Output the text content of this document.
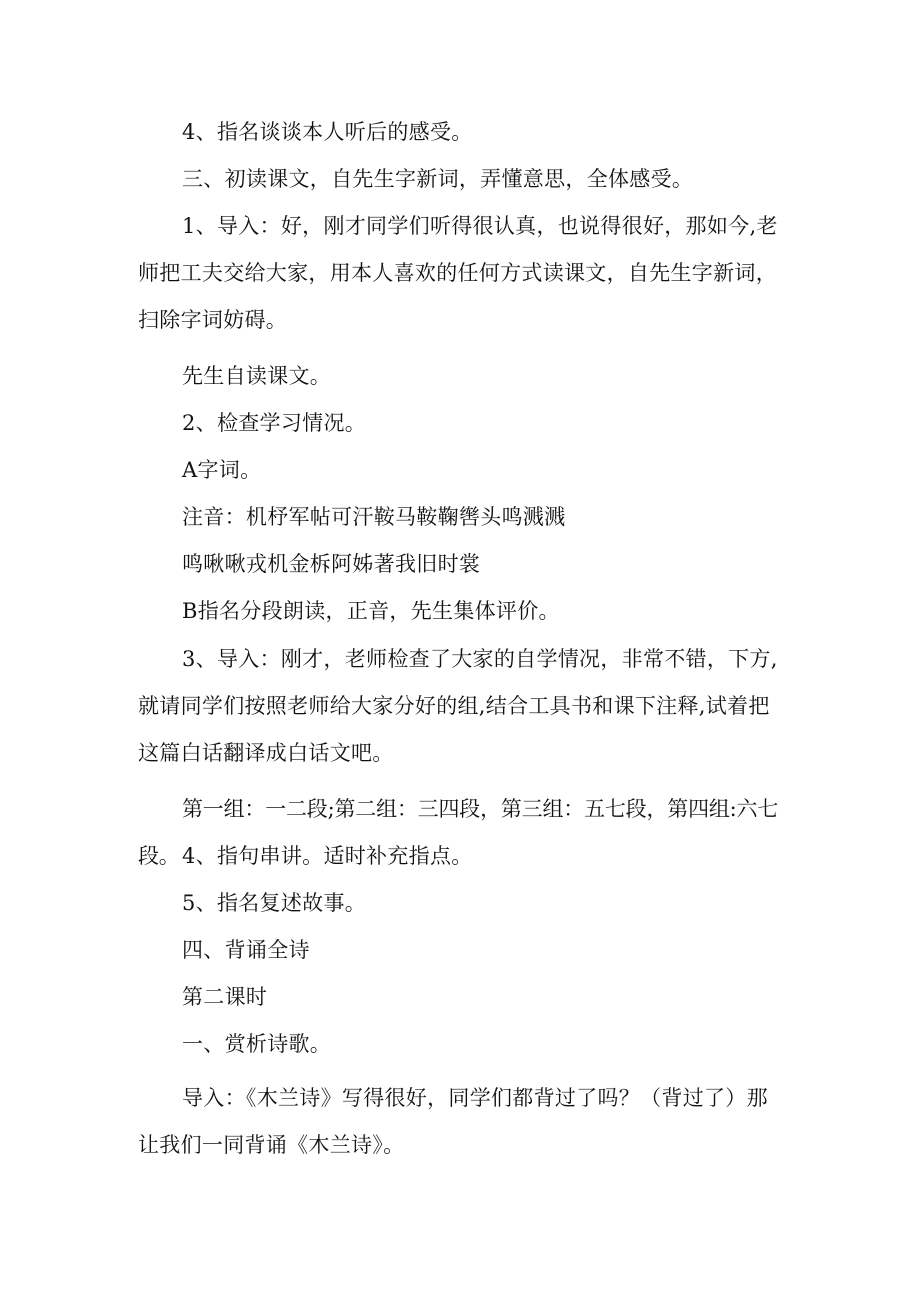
4、指名谈谈本人听后的感受。

三、初读课文，自先生字新词，弄懂意思，全体感受。

1、导入：好，刚才同学们听得很认真，也说得很好，那如今,老师把工夫交给大家，用本人喜欢的任何方式读课文，自先生字新词，扫除字词妨碍。

先生自读课文。

2、检查学习情况。

A字词。

注音：机杼军帖可汗鞍马鞍鞠辔头鸣溅溅

鸣啾啾戎机金柝阿姊著我旧时裳

B指名分段朗读，正音，先生集体评价。

3、导入：刚才，老师检查了大家的自学情况，非常不错，下方,就请同学们按照老师给大家分好的组,结合工具书和课下注释,试着把这篇白话翻译成白话文吧。

第一组：一二段;第二组：三四段，第三组：五七段，第四组:六七段。 4、指句串讲。适时补充指点。

5、指名复述故事。

四、背诵全诗

第二课时

一、赏析诗歌。

导入：《木兰诗》写得很好，同学们都背过了吗？（背过了）那让我们一同背诵《木兰诗》。
